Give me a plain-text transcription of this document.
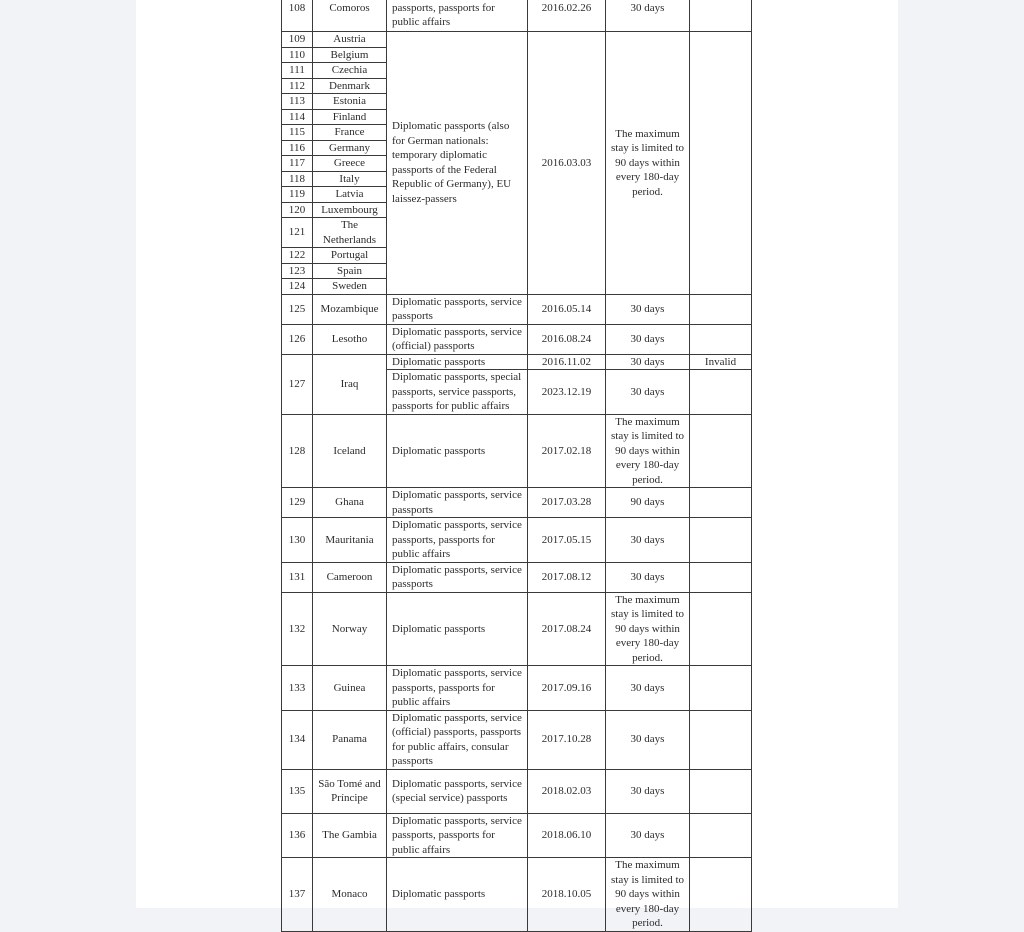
108	Comoros	passports, passports for public affairs	2016.02.26	30 days	
109	Austria	Diplomatic passports (also for German nationals: temporary diplomatic passports of the Federal Republic of Germany), EU laissez-passers	2016.03.03	The maximum stay is limited to 90 days within every 180-day period.	
110	Belgium				
111	Czechia				
112	Denmark				
113	Estonia				
114	Finland				
115	France				
116	Germany				
117	Greece				
118	Italy				
119	Latvia				
120	Luxembourg				
121	The Netherlands				
122	Portugal				
123	Spain				
124	Sweden				
125	Mozambique	Diplomatic passports, service passports	2016.05.14	30 days	
126	Lesotho	Diplomatic passports, service (official) passports	2016.08.24	30 days	
127	Iraq	Diplomatic passports	2016.11.02	30 days	Invalid
		Diplomatic passports, special passports, service passports, passports for public affairs	2023.12.19	30 days	
128	Iceland	Diplomatic passports	2017.02.18	The maximum stay is limited to 90 days within every 180-day period.	
129	Ghana	Diplomatic passports, service passports	2017.03.28	90 days	
130	Mauritania	Diplomatic passports, service passports, passports for public affairs	2017.05.15	30 days	
131	Cameroon	Diplomatic passports, service passports	2017.08.12	30 days	
132	Norway	Diplomatic passports	2017.08.24	The maximum stay is limited to 90 days within every 180-day period.	
133	Guinea	Diplomatic passports, service passports, passports for public affairs	2017.09.16	30 days	
134	Panama	Diplomatic passports, service (official) passports, passports for public affairs, consular passports	2017.10.28	30 days	
135	São Tomé and Príncipe	Diplomatic passports, service (special service) passports	2018.02.03	30 days	
136	The Gambia	Diplomatic passports, service passports, passports for public affairs	2018.06.10	30 days	
137	Monaco	Diplomatic passports	2018.10.05	The maximum stay is limited to 90 days within every 180-day period.	
